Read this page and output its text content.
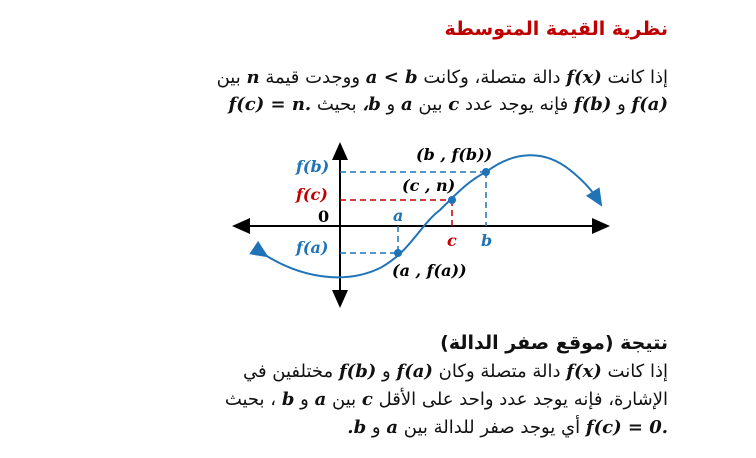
نظرية القيمة المتوسطة
إذا كانت f(x) دالة متصلة، وكانت a < b ووجدت قيمة n بين
f(a) و f(b) فإنه يوجد عدد c بين a و b، بحيث f(c) = n.
f(b)
f(c)
0
f(a)
a
c b
(b , f(b))
(c , n)
(a , f(a))
نتيجة (موقع صفر الدالة)
إذا كانت f(x) دالة متصلة وكان f(a) و f(b) مختلفين في
الإشارة، فإنه يوجد عدد واحد على الأقل c بين a و b ، بحيث
f(c) = 0. أي يوجد صفر للدالة بين a و b.
